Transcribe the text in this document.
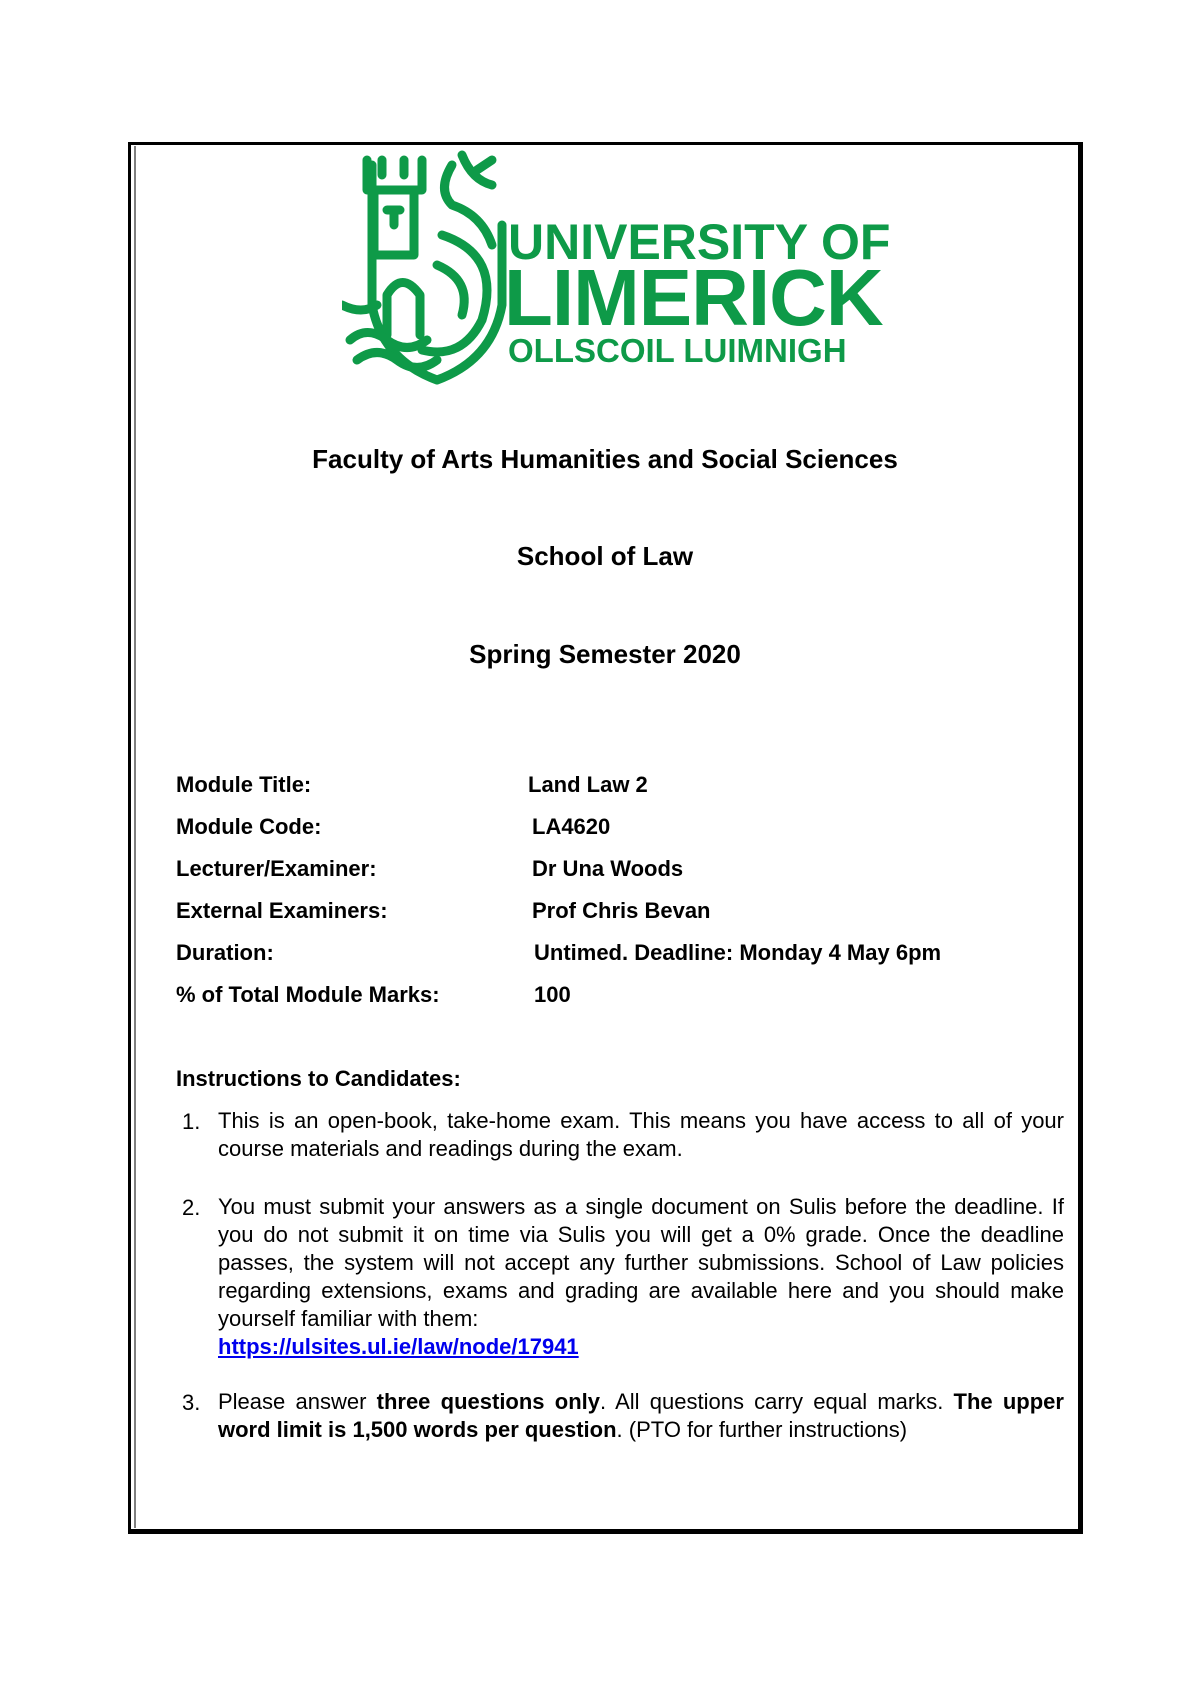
UNIVERSITY OF
LIMERICK
OLLSCOIL LUIMNIGH
Faculty of Arts Humanities and Social Sciences
School of Law
Spring Semester 2020
Module Title:	Land Law 2
Module Code:	LA4620
Lecturer/Examiner:	Dr Una Woods
External Examiners:	Prof Chris Bevan
Duration:	Untimed. Deadline: Monday 4 May 6pm
% of Total Module Marks:	100
Instructions to Candidates:
1. This is an open-book, take-home exam. This means you have access to all of your course materials and readings during the exam.
2. You must submit your answers as a single document on Sulis before the deadline. If you do not submit it on time via Sulis you will get a 0% grade. Once the deadline passes, the system will not accept any further submissions. School of Law policies regarding extensions, exams and grading are available here and you should make yourself familiar with them:
https://ulsites.ul.ie/law/node/17941
3. Please answer three questions only. All questions carry equal marks. The upper word limit is 1,500 words per question. (PTO for further instructions)
